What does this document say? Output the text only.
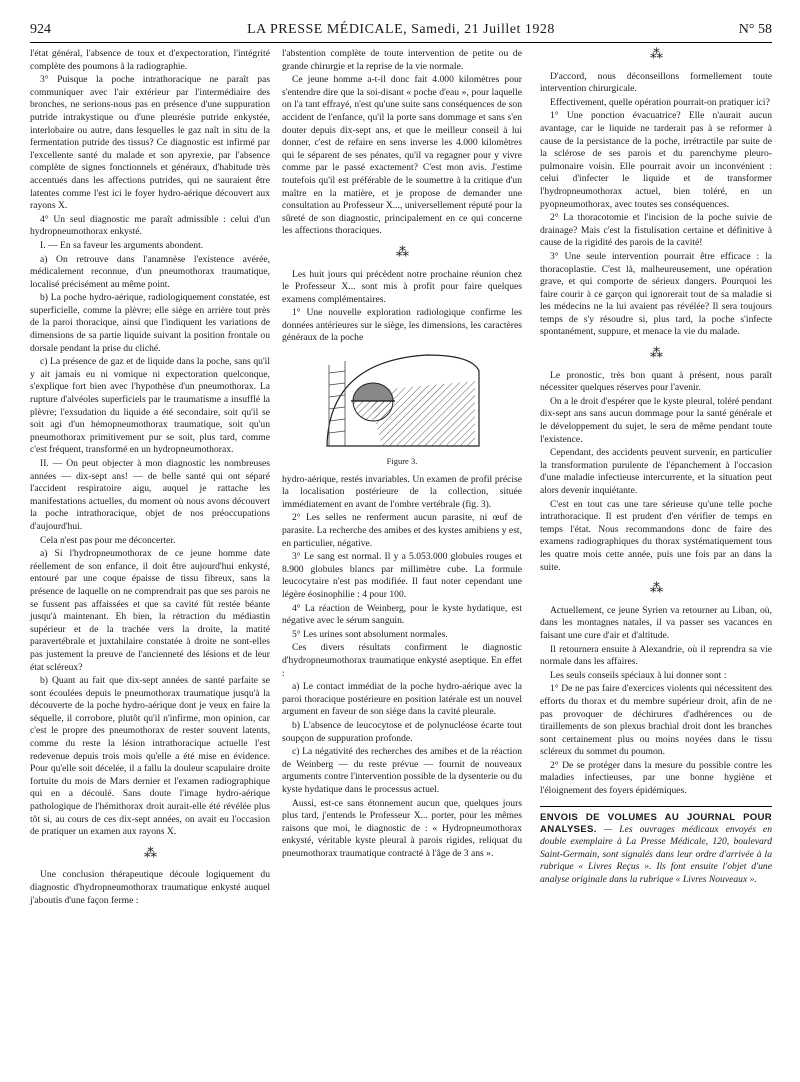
924	LA PRESSE MÉDICALE, Samedi, 21 Juillet 1928	N° 58

l'état général, l'absence de toux et d'expectoration, l'intégrité complète des poumons à la radiographie.

3° Puisque la poche intrathoracique ne paraît pas communiquer avec l'air extérieur par l'intermédiaire des bronches, ne serions-nous pas en présence d'une suppuration putride intrakystique ou d'une pleurésie putride enkystée, interlobaire ou autre, dans lesquelles le gaz naît in situ de la fermentation putride des tissus? Ce diagnostic est infirmé par l'excellente santé du malade et son apyrexie, par l'absence complète de signes fonctionnels et généraux, d'habitude très accentués dans les affections putrides, qui ne sauraient être latentes comme l'est ici le foyer hydro-aérique découvert aux rayons X.

4° Un seul diagnostic me paraît admissible : celui d'un hydropneumothorax enkysté.

I. — En sa faveur les arguments abondent.

a) On retrouve dans l'anamnèse l'existence avérée, médicalement reconnue, d'un pneumothorax traumatique, localisé précisément au même point.

b) La poche hydro-aérique, radiologiquement constatée, est superficielle, comme la plèvre; elle siège en arrière tout près de la paroi thoracique, ainsi que l'indiquent les variations de dimensions de sa partie liquide suivant la position frontale ou dorsale pendant la prise du cliché.

c) La présence de gaz et de liquide dans la poche, sans qu'il y ait jamais eu ni vomique ni expectoration quelconque, s'explique fort bien avec l'hypothèse d'un pneumothorax. La rupture d'alvéoles superficiels par le traumatisme a insufflé la plèvre; l'exsudation du liquide a été secondaire, soit qu'il se soit agi d'un hémopneumothorax traumatique, soit qu'un pneumothorax primitivement pur se soit, plus tard, comme c'est fréquent, transformé en un hydropneumothorax.

II. — On peut objecter à mon diagnostic les nombreuses années — dix-sept ans! — de belle santé qui ont séparé l'accident respiratoire aigu, auquel je rattache les manifestations actuelles, du moment où nous avons découvert la poche intrathoracique, objet de nos préoccupations d'aujourd'hui.

Cela n'est pas pour me déconcerter.

a) Si l'hydropneumothorax de ce jeune homme date réellement de son enfance, il doit être aujourd'hui enkysté, entouré par une coque épaisse de tissu fibreux, sans la présence de laquelle on ne comprendrait pas que ses parois ne se fussent pas affaissées et que sa cavité fût restée béante jusqu'à maintenant. Eh bien, la rétraction du médiastin supérieur et de la trachée vers la droite, la matité paravertébrale et juxtahilaire constatée à droite ne sont-elles pas justement la preuve de l'ancienneté des lésions et de leur état scléreux?

b) Quant au fait que dix-sept années de santé parfaite se sont écoulées depuis le pneumothorax traumatique jusqu'à la découverte de la poche hydro-aérique dont je veux en faire la séquelle, il corrobore, plutôt qu'il n'infirme, mon opinion, car c'est le propre des pneumothorax de rester souvent latents, comme du reste la lésion intrathoracique actuelle l'est redevenue depuis trois mois qu'elle a été mise en évidence. Pour qu'elle soit décelée, il a fallu la douleur scapulaire droite fortuite du mois de Mars dernier et l'examen radiographique qui en a découlé. Sans doute l'image hydro-aérique pathologique de l'hémithorax droit aurait-elle été révélée plus tôt si, au cours de ces dix-sept années, on avait eu l'occasion de pratiquer un examen aux rayons X.

⁂

Une conclusion thérapeutique découle logiquement du diagnostic d'hydropneumothorax traumatique enkysté auquel j'aboutis d'une façon ferme :

l'abstention complète de toute intervention de petite ou de grande chirurgie et la reprise de la vie normale.

Ce jeune homme a-t-il donc fait 4.000 kilomètres pour s'entendre dire que la soi-disant « poche d'eau », pour laquelle on l'a tant effrayé, n'est qu'une suite sans conséquences de son accident de l'enfance, qu'il la porte sans dommage et sans s'en douter depuis dix-sept ans, et que le meilleur conseil à lui donner, c'est de refaire en sens inverse les 4.000 kilomètres qui le séparent de ses pénates, qu'il va regagner pour y vivre comme par le passé exactement? C'est mon avis. J'estime toutefois qu'il est préférable de le soumettre à la critique d'un maître en la matière, et je propose de demander une consultation au Professeur X..., universellement réputé pour la sûreté de son diagnostic, principalement en ce qui concerne les affections thoraciques.

⁂

Les huit jours qui précèdent notre prochaine réunion chez le Professeur X... sont mis à profit pour faire quelques examens complémentaires.

1° Une nouvelle exploration radiologique confirme les données antérieures sur le siège, les dimensions, les caractères généraux de la poche

Figure 3.

hydro-aérique, restés invariables. Un examen de profil précise la localisation postérieure de la collection, située immédiatement en avant de l'ombre vertébrale (fig. 3).

2° Les selles ne renferment aucun parasite, ni œuf de parasite. La recherche des amibes et des kystes amibiens y est, en particulier, négative.

3° Le sang est normal. Il y a 5.053.000 globules rouges et 8.900 globules blancs par millimètre cube. La formule leucocytaire n'est pas modifiée. Il faut noter cependant une légère éosinophilie : 4 pour 100.

4° La réaction de Weinberg, pour le kyste hydatique, est négative avec le sérum sanguin.

5° Les urines sont absolument normales.

Ces divers résultats confirment le diagnostic d'hydropneumothorax traumatique enkysté aseptique. En effet :

a) Le contact immédiat de la poche hydro-aérique avec la paroi thoracique postérieure en position latérale est un nouvel argument en faveur de son siège dans la cavité pleurale.

b) L'absence de leucocytose et de polynucléose écarte tout soupçon de suppuration profonde.

c) La négativité des recherches des amibes et de la réaction de Weinberg — du reste prévue — fournit de nouveaux arguments contre l'intervention possible de la dysenterie ou du kyste hydatique dans le processus actuel.

Aussi, est-ce sans étonnement aucun que, quelques jours plus tard, j'entends le Professeur X... porter, pour les mêmes raisons que moi, le diagnostic de : « Hydropneumothorax enkysté, véritable kyste pleural à parois rigides, reliquat du pneumothorax traumatique contracté à l'âge de 3 ans ».

⁂

D'accord, nous déconseillons formellement toute intervention chirurgicale.

Effectivement, quelle opération pourrait-on pratiquer ici?

1° Une ponction évacuatrice? Elle n'aurait aucun avantage, car le liquide ne tarderait pas à se reformer à cause de la persistance de la poche, irrétractile par suite de la sclérose de ses parois et du parenchyme pleuro-pulmonaire voisin. Elle pourrait avoir un inconvénient : celui d'infecter le liquide et de transformer l'hydropneumothorax actuel, bien toléré, en un pyopneumothorax, avec toutes ses conséquences.

2° La thoracotomie et l'incision de la poche suivie de drainage? Mais c'est la fistulisation certaine et définitive à cause de la rigidité des parois de la cavité!

3° Une seule intervention pourrait être efficace : la thoracoplastie. C'est là, malheureusement, une opération grave, et qui comporte de sérieux dangers. Pourquoi les faire courir à ce garçon qui ignorerait tout de sa maladie si les médecins ne la lui avaient pas révélée? Il sera toujours temps de s'y résoudre si, plus tard, la poche s'infecte spontanément, suppure, et menace la vie du malade.

⁂

Le pronostic, très bon quant à présent, nous paraît nécessiter quelques réserves pour l'avenir.

On a le droit d'espérer que le kyste pleural, toléré pendant dix-sept ans sans aucun dommage pour la santé générale et le développement du sujet, le sera de même pendant toute l'existence.

Cependant, des accidents peuvent survenir, en particulier la transformation purulente de l'épanchement à l'occasion d'une maladie infectieuse intercurrente, et la situation peut alors devenir inquiétante.

C'est en tout cas une tare sérieuse qu'une telle poche intrathoracique. Il est prudent d'en vérifier de temps en temps l'état. Nous recommandons donc de faire des examens radiographiques du thorax systématiquement tous les quatre mois cette année, puis une fois par an dans la suite.

⁂

Actuellement, ce jeune Syrien va retourner au Liban, où, dans les montagnes natales, il va passer ses vacances en faisant une cure d'air et d'altitude.

Il retournera ensuite à Alexandrie, où il reprendra sa vie normale dans les affaires.

Les seuls conseils spéciaux à lui donner sont :

1° De ne pas faire d'exercices violents qui nécessitent des efforts du thorax et du membre supérieur droit, afin de ne pas provoquer de déchirures d'adhérences ou de tiraillements de son plexus brachial droit dont les branches sont certainement plus ou moins noyées dans le tissu scléreux du sommet du poumon.

2° De se protéger dans la mesure du possible contre les maladies infectieuses, par une bonne hygiène et l'éloignement des foyers épidémiques.

ENVOIS DE VOLUMES AU JOURNAL POUR ANALYSES. — Les ouvrages médicaux envoyés en double exemplaire à La Presse Médicale, 120, boulevard Saint-Germain, sont signalés dans leur ordre d'arrivée à la rubrique « Livres Reçus ». Ils font ensuite l'objet d'une analyse originale dans la rubrique « Livres Nouveaux ».
